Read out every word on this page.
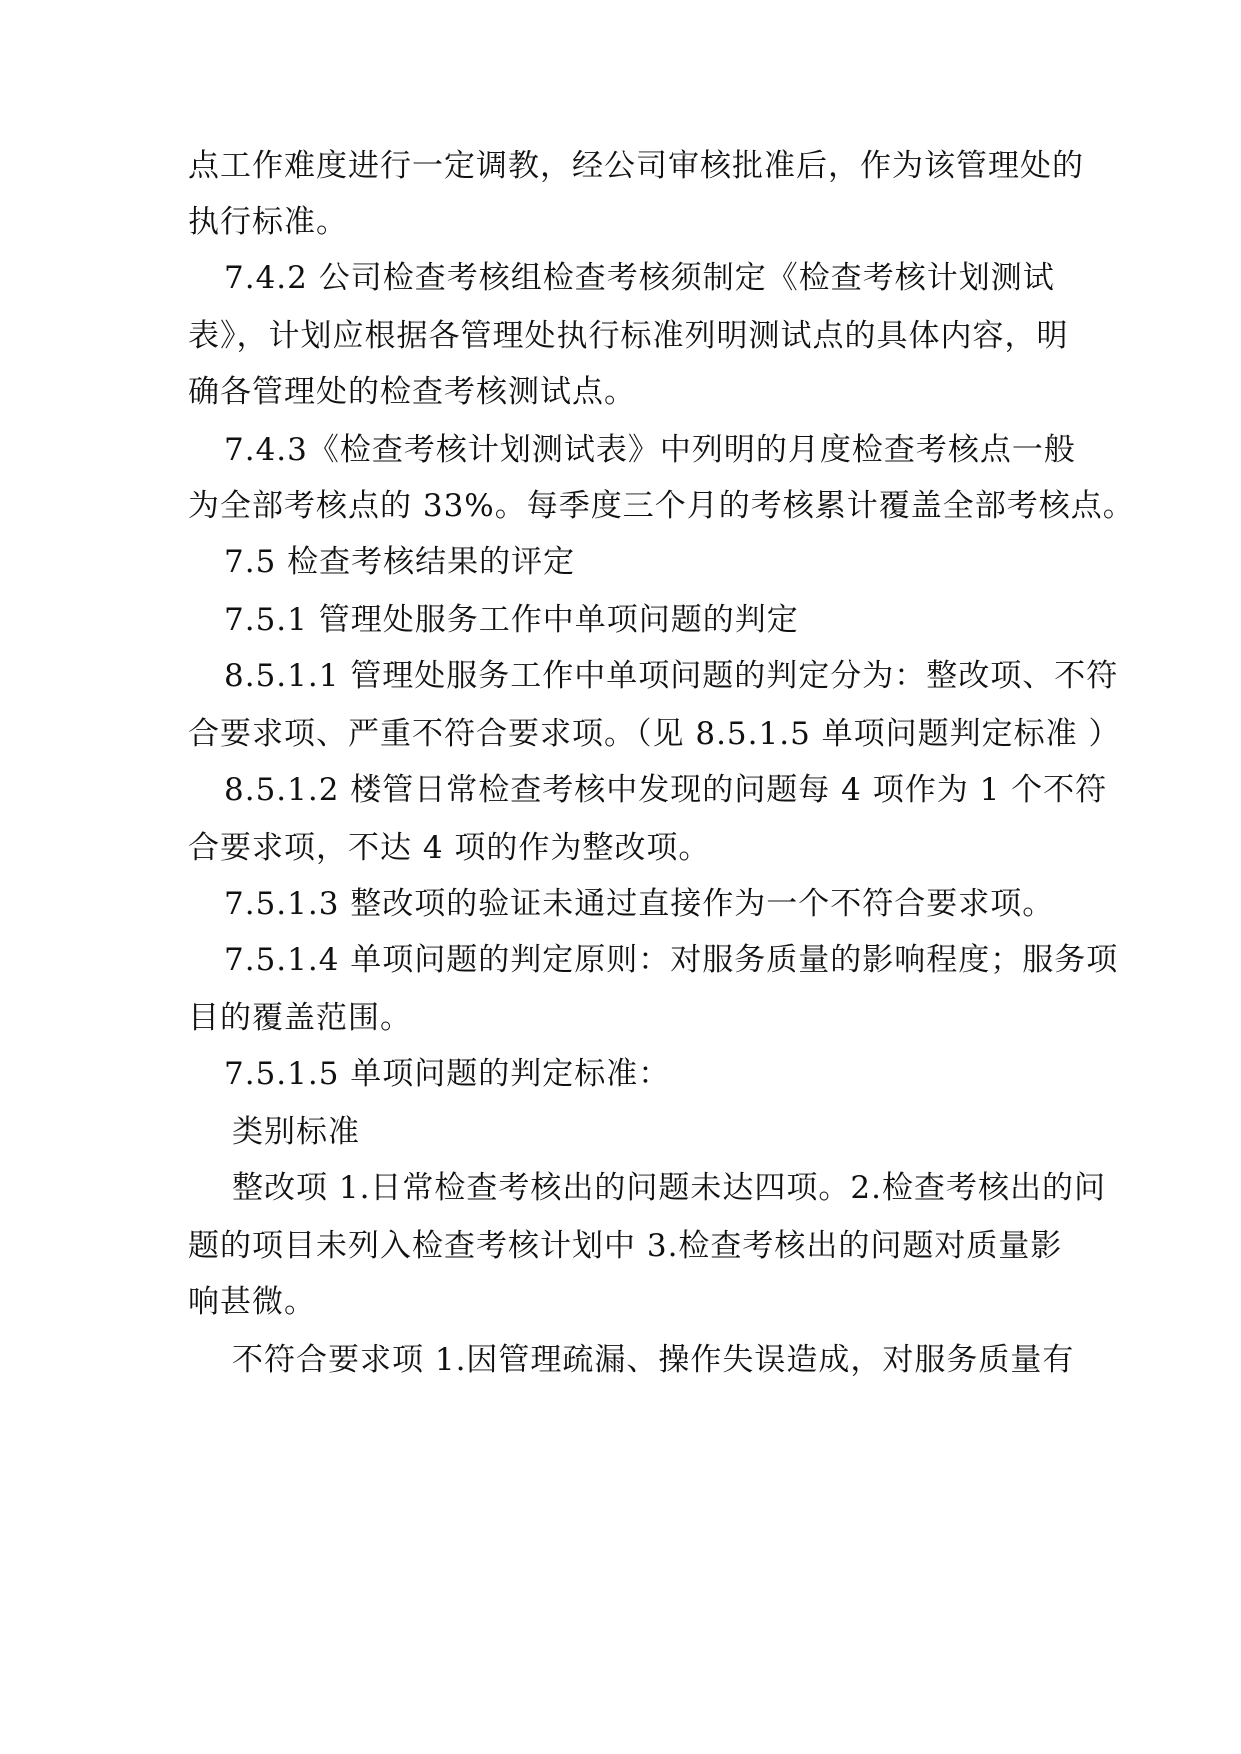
点工作难度进行一定调教，经公司审核批准后，作为该管理处的
执行标准。
7.4.2 公司检查考核组检查考核须制定《检查考核计划测试
表》，计划应根据各管理处执行标准列明测试点的具体内容，明
确各管理处的检查考核测试点。
7.4.3《检查考核计划测试表》中列明的月度检查考核点一般
为全部考核点的 33%。每季度三个月的考核累计覆盖全部考核点。
7.5 检查考核结果的评定
7.5.1 管理处服务工作中单项问题的判定
8.5.1.1 管理处服务工作中单项问题的判定分为：整改项、不符
合要求项、严重不符合要求项。（见 8.5.1.5 单项问题判定标准 ）
8.5.1.2 楼管日常检查考核中发现的问题每 4 项作为 1 个不符
合要求项，不达 4 项的作为整改项。
7.5.1.3 整改项的验证未通过直接作为一个不符合要求项。
7.5.1.4 单项问题的判定原则：对服务质量的影响程度；服务项
目的覆盖范围。
7.5.1.5 单项问题的判定标准：
类别标准
整改项 1.日常检查考核出的问题未达四项。2.检查考核出的问
题的项目未列入检查考核计划中 3.检查考核出的问题对质量影
响甚微。
不符合要求项 1.因管理疏漏、操作失误造成，对服务质量有
